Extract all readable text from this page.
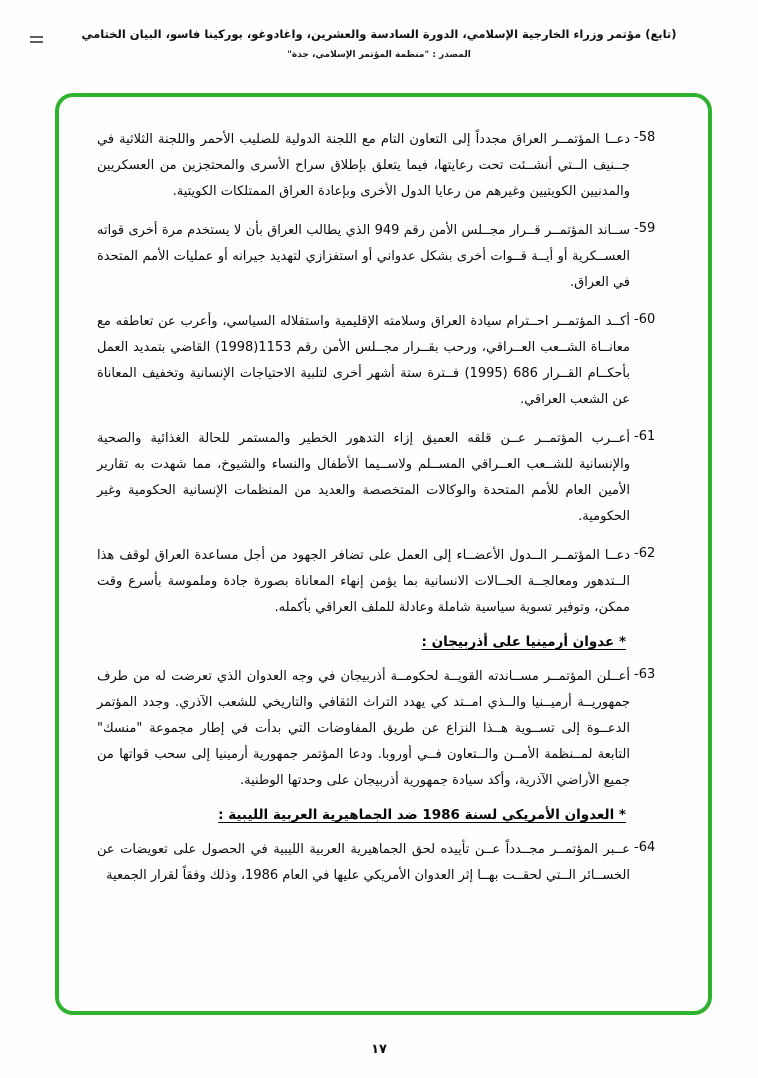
(تابع) مؤتمر وزراء الخارجية الإسلامي، الدورة السادسة والعشرين، واغادوغو، بوركينا فاسو، البيان الختامي
المصدر : "منظمة المؤتمر الإسلامي، جدة"
-58

دعــا المؤتمــر العراق مجدداً إلى التعاون التام مع اللجنة الدولية للصليب الأحمر واللجنة الثلاثية في جــنيف الــتي أنشــئت تحت رعايتها، فيما يتعلق بإطلاق سراح الأسرى والمحتجزين من العسكريين والمدنيين الكويتيين وغيرهم من رعايا الدول الأخرى وبإعادة العراق الممتلكات الكويتية.

-59

ســاند المؤتمــر قــرار مجــلس الأمن رقم 949 الذي يطالب العراق بأن لا يستخدم مرة أخرى قواته العســكرية أو أيــة قــوات أخرى بشكل عدواني أو استفزازي لتهديد جيرانه أو عمليات الأمم المتحدة في العراق.

-60

أكــد المؤتمــر احــترام سيادة العراق وسلامته الإقليمية واستقلاله السياسي، وأعرب عن تعاطفه مع معانــاة الشــعب العــراقي، ورحب بقــرار مجــلس الأمن رقم 1153(1998) القاضي بتمديد العمل بأحكــام القــرار 686 (1995) فــترة ستة أشهر أخرى لتلبية الاحتياجات الإنسانية وتخفيف المعاناة عن الشعب العراقي.

-61

أعــرب المؤتمــر عــن قلقه العميق إزاء التدهور الخطير والمستمر للحالة الغذائية والصحية والإنسانية للشــعب العــراقي المســلم ولاســيما الأطفال والنساء والشيوخ، مما شهدت به تقارير الأمين العام للأمم المتحدة والوكالات المتخصصة والعديد من المنظمات الإنسانية الحكومية وغير الحكومية.

-62

دعــا المؤتمــر الــدول الأعضــاء إلى العمل على تضافر الجهود من أجل مساعدة العراق لوقف هذا الــتدهور ومعالجــة الحــالات الانسانية بما يؤمن إنهاء المعاناة بصورة جادة وملموسة بأسرع وقت ممكن، وتوفير تسوية سياسية شاملة وعادلة للملف العراقي بأكمله.

* عدوان أرمينيا على أذربيجان :
-63

أعــلن المؤتمــر مســاندته القويــة لحكومــة أذربيجان في وجه العدوان الذي تعرضت له من طرف جمهوريــة أرميــنيا والــذي امــتد كي يهدد التراث الثقافي والتاريخي للشعب الآذري. وجدد المؤتمر الدعــوة إلى تســوية هــذا النزاع عن طريق المفاوضات التي بدأت في إطار مجموعة "منسك" التابعة لمــنظمة الأمــن والــتعاون فــي أوروبا. ودعا المؤتمر جمهورية أرمينيا إلى سحب قواتها من جميع الأراضي الآذرية، وأكد سيادة جمهورية أذربيجان على وحدتها الوطنية.

* العدوان الأمريكي لسنة 1986 ضد الجماهيرية العربية الليبية :
-64

عــبر المؤتمــر مجــدداً عــن تأييده لحق الجماهيرية العربية الليبية في الحصول على تعويضات عن الخســائر الــتي لحقــت بهــا إثر العدوان الأمريكي عليها في العام 1986، وذلك وفقاً لقرار الجمعية

١٧
